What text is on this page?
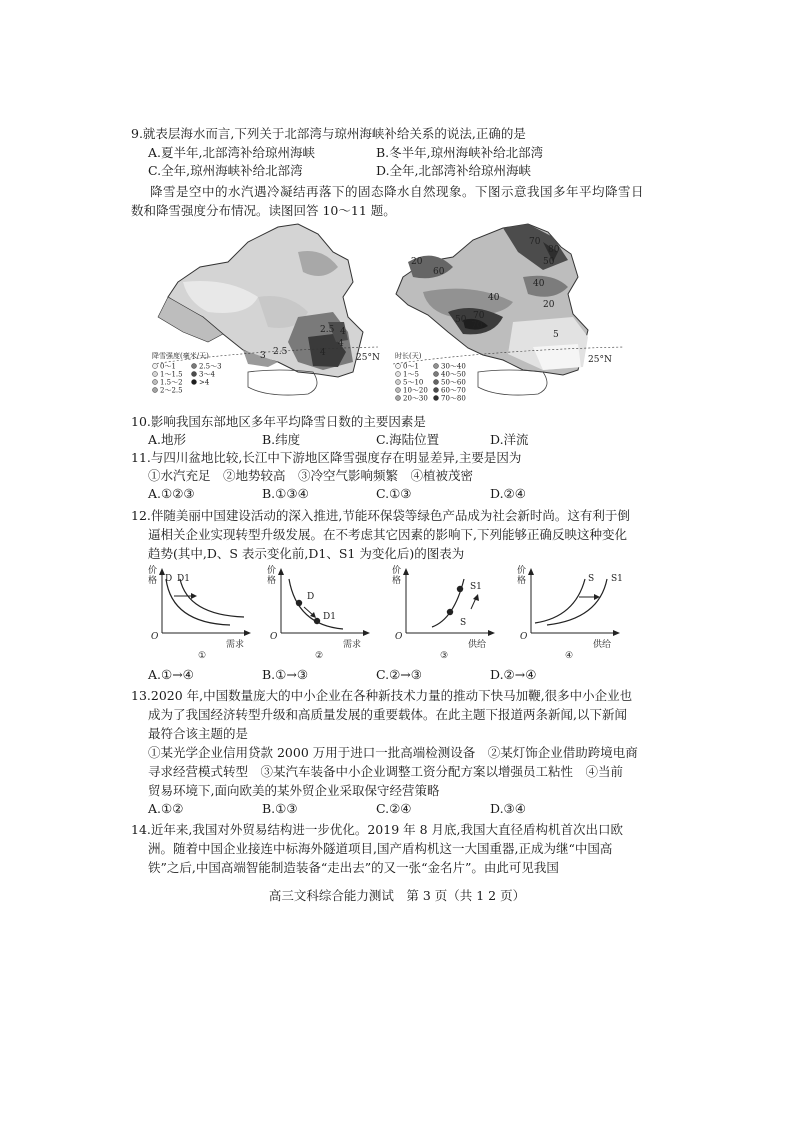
9.就表层海水而言,下列关于北部湾与琼州海峡补给关系的说法,正确的是
A.夏半年,北部湾补给琼州海峡	B.冬半年,琼州海峡补给北部湾
C.全年,琼州海峡补给北部湾	D.全年,北部湾补给琼州海峡
降雪是空中的水汽遇冷凝结再落下的固态降水自然现象。下图示意我国多年平均降雪日
数和降雪强度分布情况。读图回答 10～11 题。
2.5
2.5
3
4
4
4
25°N
降雪强度(毫米/天)
0～1
1～1.5
1.5～2
2～2.5
2.5～3
3～4
>4
20
60
50 70
70
40
40
50
70
80
20
5
25°N
时长(天)
0～1
1～5
5～10
10～20
20～30
30～40
40～50
50～60
60～70
70～80
10.影响我国东部地区多年平均降雪日数的主要因素是
A.地形	B.纬度	C.海陆位置	D.洋流
11.与四川盆地比较,长江中下游地区降雪强度存在明显差异,主要是因为
①水汽充足　②地势较高　③冷空气影响频繁　④植被茂密
A.①②③	B.①③④	C.①③	D.②④
12.伴随美丽中国建设活动的深入推进,节能环保袋等绿色产品成为社会新时尚。这有利于倒
逼相关企业实现转型升级发展。在不考虑其它因素的影响下,下列能够正确反映这种变化
趋势(其中,D、S 表示变化前,D1、S1 为变化后)的图表为
价
格 D D1
O
需求
①
价
格
D
D1
O
需求
②
价
格
S
S1
O
供给
③
价
格	S S1
O
供给
④
A.①→④	B.①→③	C.②→③	D.②→④
13.2020 年,中国数量庞大的中小企业在各种新技术力量的推动下快马加鞭,很多中小企业也
成为了我国经济转型升级和高质量发展的重要载体。在此主题下报道两条新闻,以下新闻
最符合该主题的是
①某光学企业信用贷款 2000 万用于进口一批高端检测设备　②某灯饰企业借助跨境电商
寻求经营模式转型　③某汽车装备中小企业调整工资分配方案以增强员工粘性　④当前
贸易环境下,面向欧美的某外贸企业采取保守经营策略
A.①②	B.①③	C.②④	D.③④
14.近年来,我国对外贸易结构进一步优化。2019 年 8 月底,我国大直径盾构机首次出口欧
洲。随着中国企业接连中标海外隧道项目,国产盾构机这一大国重器,正成为继“中国高
铁”之后,中国高端智能制造装备“走出去”的又一张“金名片”。由此可见我国
高三文科综合能力测试　第 3 页（共 1 2 页）
